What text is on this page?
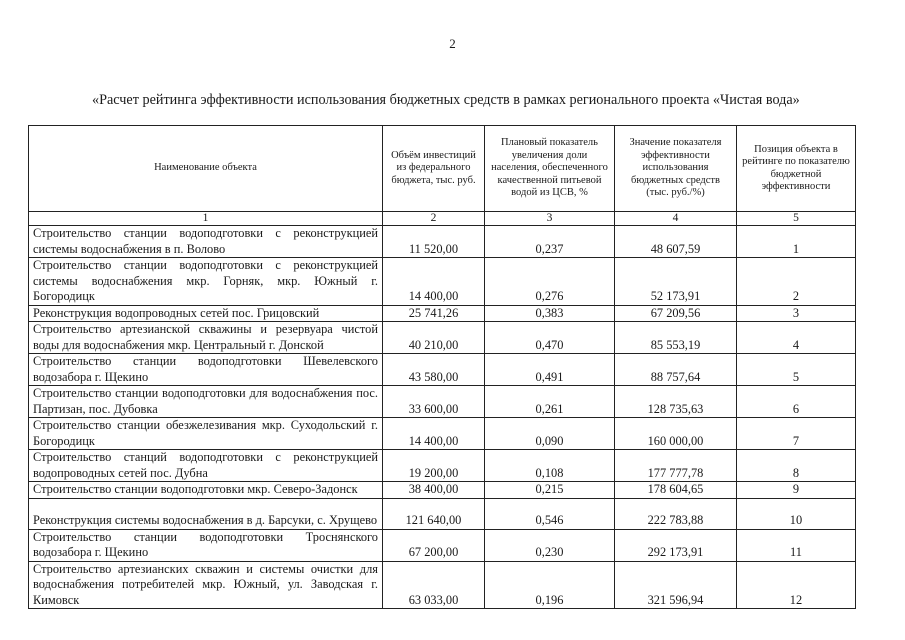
2
«Расчет рейтинга эффективности использования бюджетных средств в рамках регионального проекта «Чистая вода»
Наименование объекта	Объём инвестиций из федерального бюджета, тыс. руб.	Плановый показатель увеличения доли населения, обеспеченного качественной питьевой водой из ЦСВ, %	Значение показателя эффективности использования бюджетных средств (тыс. руб./%)	Позиция объекта в рейтинге по показателю бюджетной эффективности
1	2	3	4	5
Строительство станции водоподготовки с реконструкцией системы водоснабжения в п. Волово	11 520,00	0,237	48 607,59	1
Строительство станции водоподготовки с реконструкцией системы водоснабжения мкр. Горняк, мкр. Южный г. Богородицк	14 400,00	0,276	52 173,91	2
Реконструкция водопроводных сетей пос. Грицовский	25 741,26	0,383	67 209,56	3
Строительство артезианской скважины и резервуара чистой воды для водоснабжения мкр. Центральный г. Донской	40 210,00	0,470	85 553,19	4
Строительство станции водоподготовки Шевелевского водозабора г. Щекино	43 580,00	0,491	88 757,64	5
Строительство станции водоподготовки для водоснабжения пос. Партизан, пос. Дубовка	33 600,00	0,261	128 735,63	6
Строительство станции обезжелезивания мкр. Суходольский г. Богородицк	14 400,00	0,090	160 000,00	7
Строительство станций водоподготовки с реконструкцией водопроводных сетей пос. Дубна	19 200,00	0,108	177 777,78	8
Строительство станции водоподготовки мкр. Северо-Задонск	38 400,00	0,215	178 604,65	9
Реконструкция системы водоснабжения в д. Барсуки, с. Хрущево	121 640,00	0,546	222 783,88	10
Строительство станции водоподготовки Троснянского водозабора г. Щекино	67 200,00	0,230	292 173,91	11
Строительство артезианских скважин и системы очистки для водоснабжения потребителей мкр. Южный, ул. Заводская г. Кимовск	63 033,00	0,196	321 596,94	12
